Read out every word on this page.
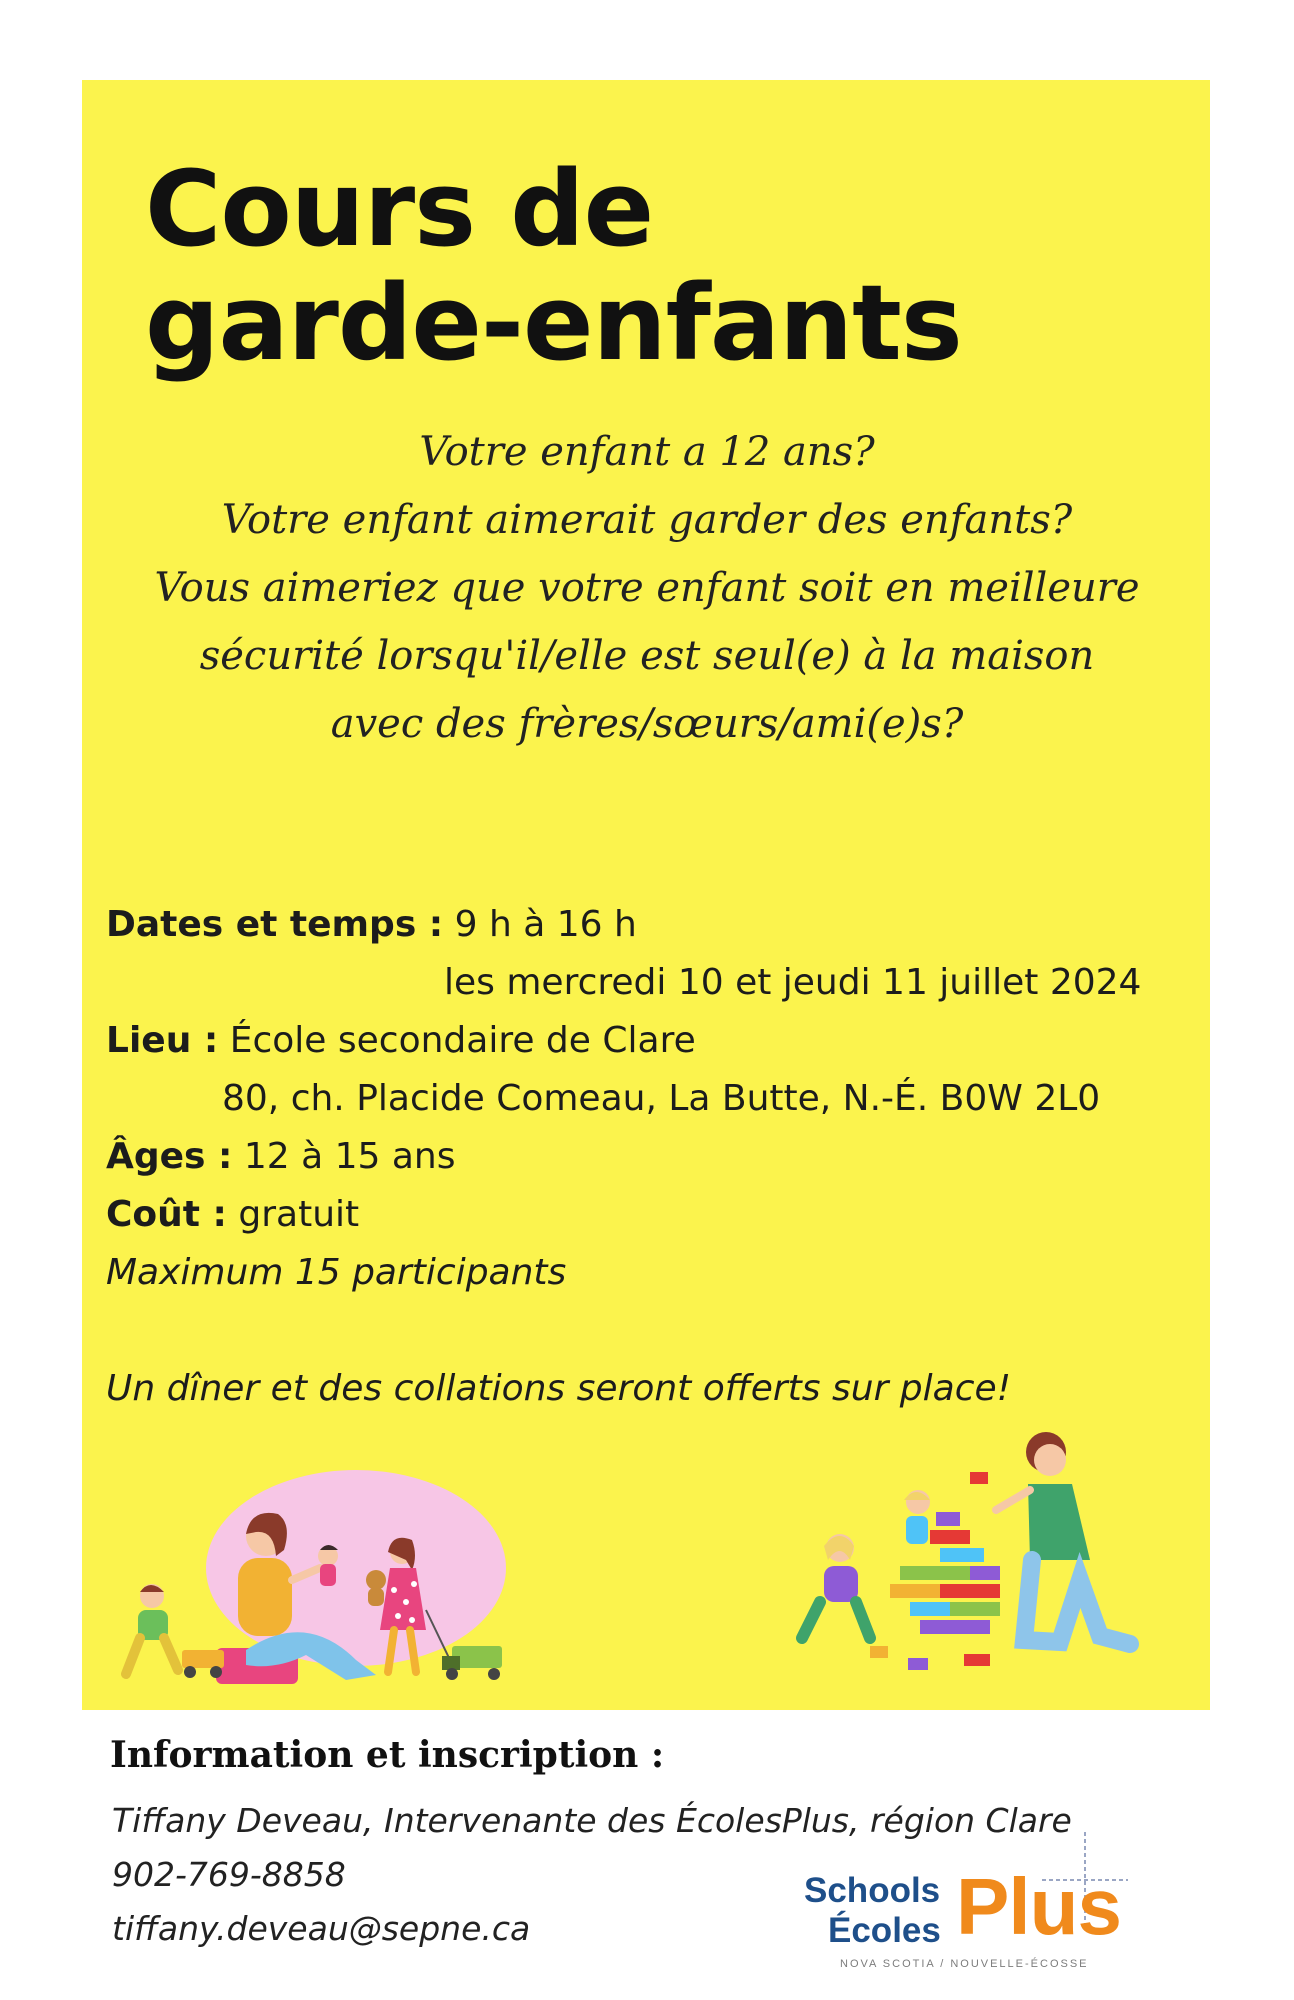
Cours de
garde-enfants
Votre enfant a 12 ans?
Votre enfant aimerait garder des enfants?
Vous aimeriez que votre enfant soit en meilleure
sécurité lorsqu'il/elle est seul(e) à la maison
avec des frères/sœurs/ami(e)s?
Dates et temps : 9 h à 16 h
les mercredi 10 et jeudi 11 juillet 2024
Lieu : École secondaire de Clare
80, ch. Placide Comeau, La Butte, N.-É. B0W 2L0
Âges : 12 à 15 ans
Coût : gratuit
Maximum 15 participants
Un dîner et des collations seront offerts sur place!
Information et inscription :
Tiffany Deveau, Intervenante des ÉcolesPlus, région Clare
902-769-8858
tiffany.deveau@sepne.ca
Schools
Écoles Plus
NOVA SCOTIA / NOUVELLE-ÉCOSSE
